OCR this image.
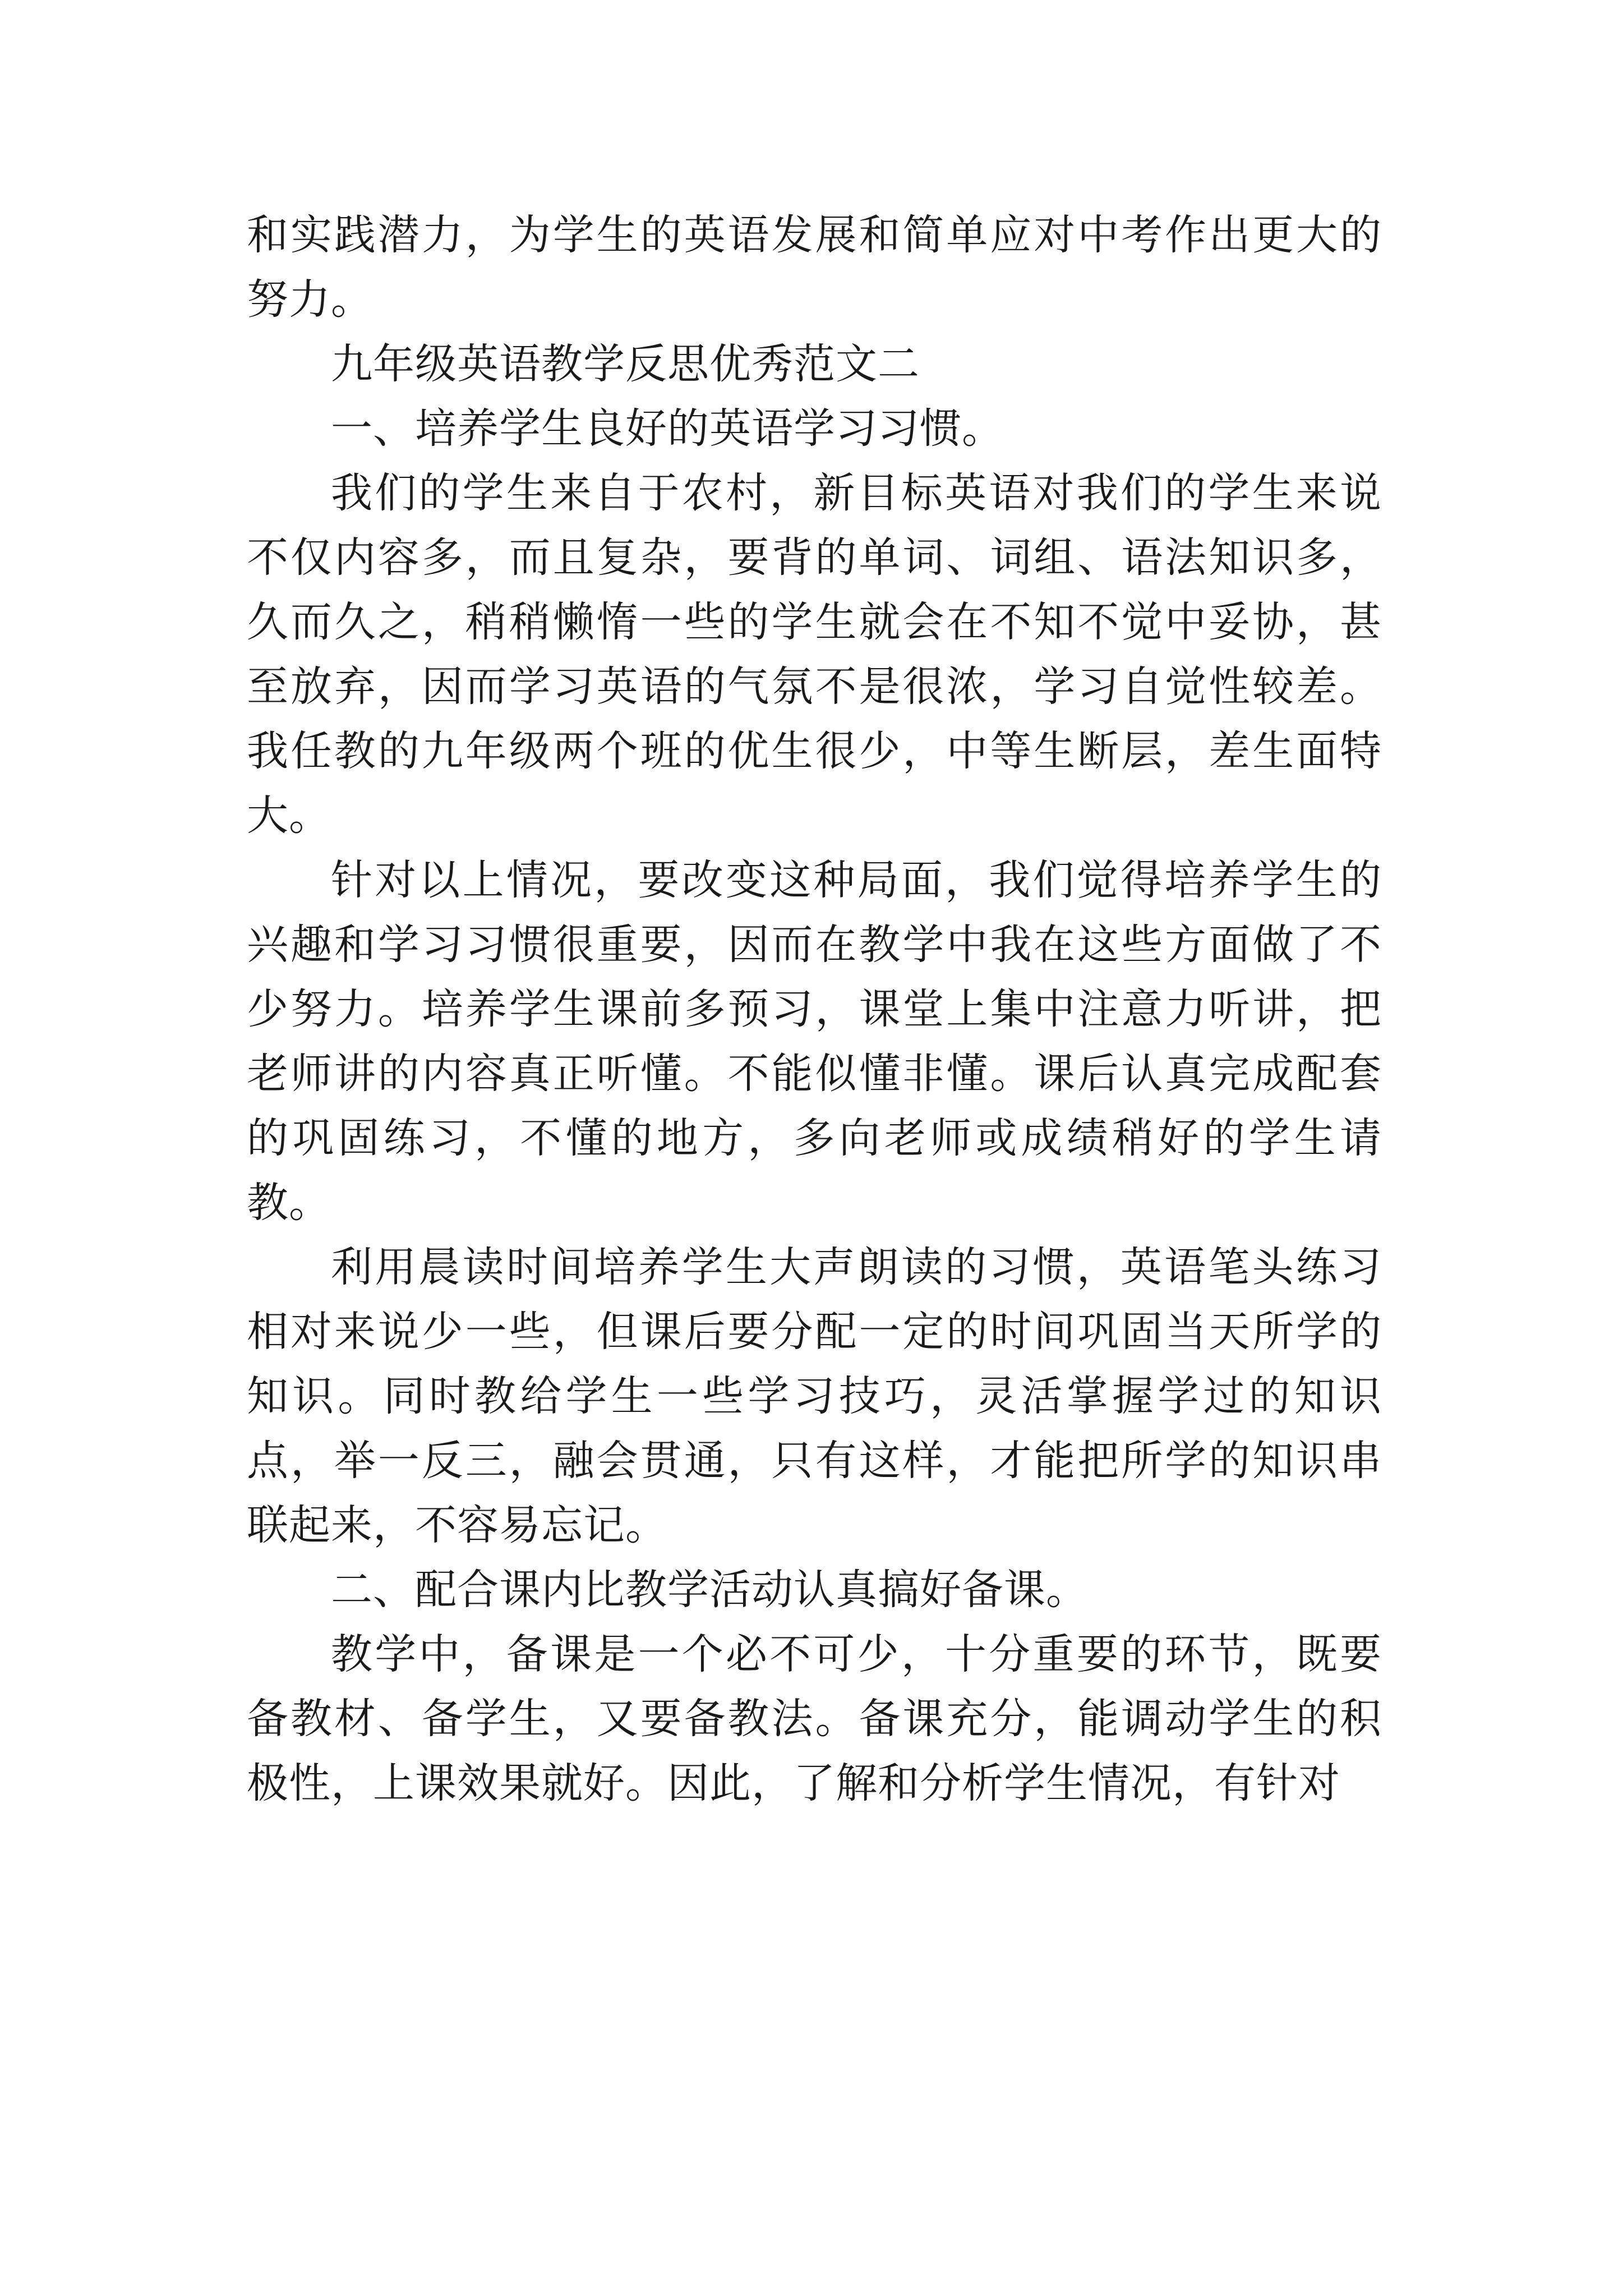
和实践潜力，为学生的英语发展和简单应对中考作出更大的努力。

九年级英语教学反思优秀范文二

一、培养学生良好的英语学习习惯。

我们的学生来自于农村，新目标英语对我们的学生来说不仅内容多，而且复杂，要背的单词、词组、语法知识多，久而久之，稍稍懒惰一些的学生就会在不知不觉中妥协，甚至放弃，因而学习英语的气氛不是很浓，学习自觉性较差。我任教的九年级两个班的优生很少，中等生断层，差生面特大。

针对以上情况，要改变这种局面，我们觉得培养学生的兴趣和学习习惯很重要，因而在教学中我在这些方面做了不少努力。培养学生课前多预习，课堂上集中注意力听讲，把老师讲的内容真正听懂。不能似懂非懂。课后认真完成配套的巩固练习，不懂的地方，多向老师或成绩稍好的学生请教。

利用晨读时间培养学生大声朗读的习惯，英语笔头练习相对来说少一些，但课后要分配一定的时间巩固当天所学的知识。同时教给学生一些学习技巧，灵活掌握学过的知识点，举一反三，融会贯通，只有这样，才能把所学的知识串联起来，不容易忘记。

二、配合课内比教学活动认真搞好备课。

教学中，备课是一个必不可少，十分重要的环节，既要备教材、备学生，又要备教法。备课充分，能调动学生的积极性，上课效果就好。因此，了解和分析学生情况，有针对
